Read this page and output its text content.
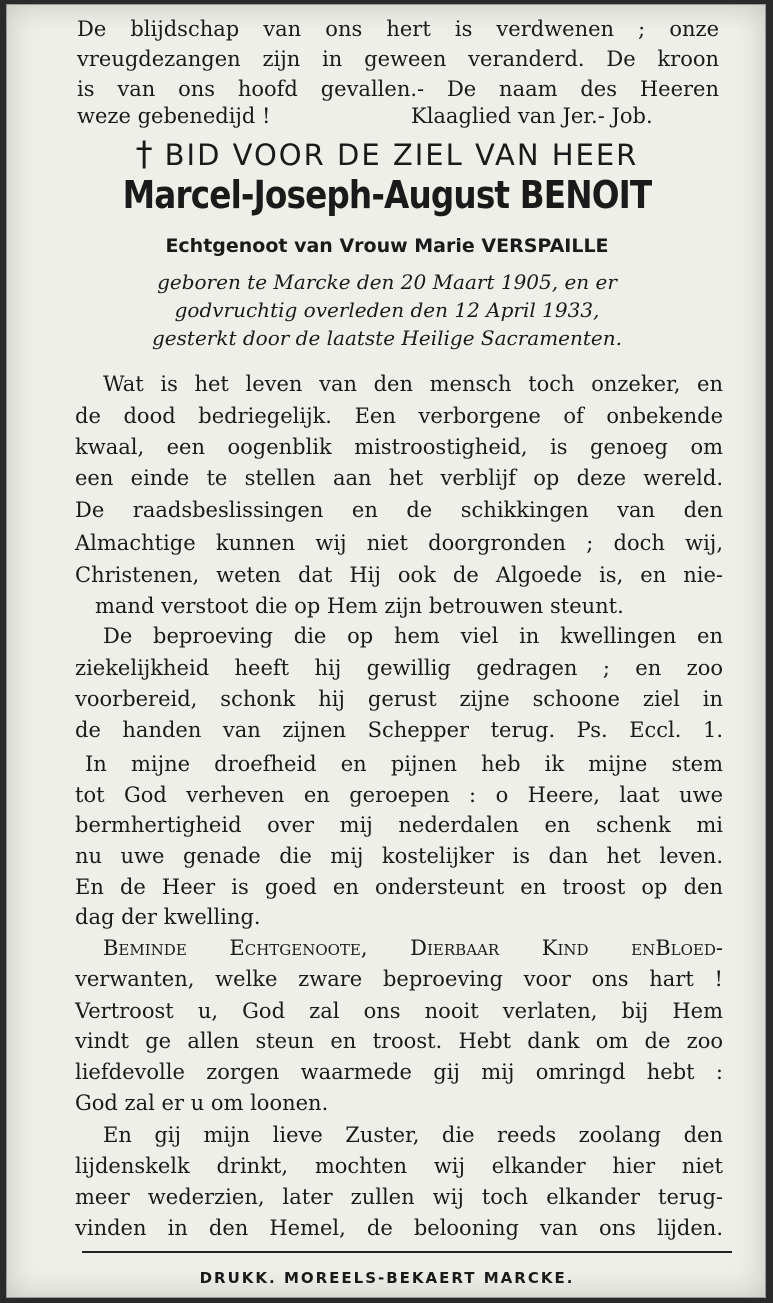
De blijdschap van ons hert is verdwenen ; onze
vreugdezangen zijn in geween veranderd. De kroon
is van ons hoofd gevallen.- De naam des Heeren
weze gebenedijd !	Klaaglied van Jer.- Job.
† BID VOOR DE ZIEL VAN HEER
Marcel-Joseph-August BENOIT
Echtgenoot van Vrouw Marie VERSPAILLE
geboren te Marcke den 20 Maart 1905, en er
godvruchtig overleden den 12 April 1933,
gesterkt door de laatste Heilige Sacramenten.
Wat is het leven van den mensch toch onzeker, en
de dood bedriegelijk. Een verborgene of onbekende
kwaal, een oogenblik mistroostigheid, is genoeg om
een einde te stellen aan het verblijf op deze wereld.
De raadsbeslissingen en de schikkingen van den
Almachtige kunnen wij niet doorgronden ; doch wij,
Christenen, weten dat Hij ook de Algoede is, en nie-
mand verstoot die op Hem zijn betrouwen steunt.
De beproeving die op hem viel in kwellingen en
ziekelijkheid heeft hij gewillig gedragen ; en zoo
voorbereid, schonk hij gerust zijne schoone ziel in
de handen van zijnen Schepper terug. Ps. Eccl. 1.
In mijne droefheid en pijnen heb ik mijne stem
tot God verheven en geroepen : o Heere, laat uwe
bermhertigheid over mij nederdalen en schenk mi
nu uwe genade die mij kostelijker is dan het leven.
En de Heer is goed en ondersteunt en troost op den
dag der kwelling.
Beminde Echtgenoote, Dierbaar Kind enBloed-
verwanten, welke zware beproeving voor ons hart !
Vertroost u, God zal ons nooit verlaten, bij Hem
vindt ge allen steun en troost. Hebt dank om de zoo
liefdevolle zorgen waarmede gij mij omringd hebt :
God zal er u om loonen.
En gij mijn lieve Zuster, die reeds zoolang den
lijdenskelk drinkt, mochten wij elkander hier niet
meer wederzien, later zullen wij toch elkander terug-
vinden in den Hemel, de belooning van ons lijden.
DRUKK. MOREELS-BEKAERT MARCKE.
